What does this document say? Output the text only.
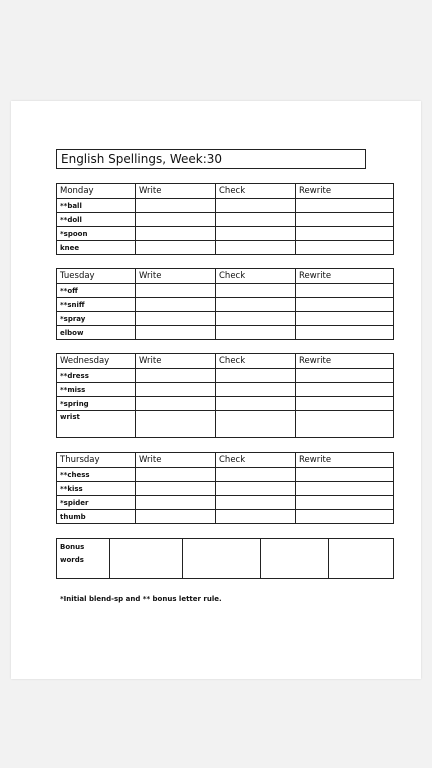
English Spellings, Week:30
Monday	Write	Check	Rewrite
**ball			
**doll			
*spoon			
knee			
Tuesday	Write	Check	Rewrite
**off			
**sniff			
*spray			
elbow			
Wednesday	Write	Check	Rewrite
**dress			
**miss			
*spring			
wrist			
Thursday	Write	Check	Rewrite
**chess			
**kiss			
*spider			
thumb			
Bonus
words

*Initial blend-sp and ** bonus letter rule.
